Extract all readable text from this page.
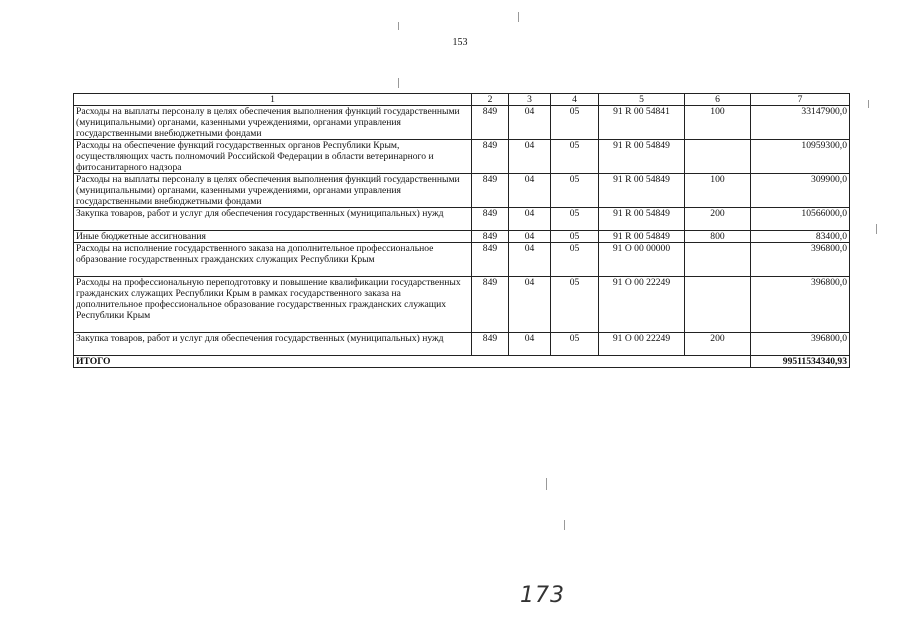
153
1	2	3	4	5	6	7
Расходы на выплаты персоналу в целях обеспечения выполнения функций государственными (муниципальными) органами, казенными учреждениями, органами управления государственными внебюджетными фондами	849	04	05	91 R 00 54841	100	33147900,0
Расходы на обеспечение функций государственных органов Республики Крым, осуществляющих часть полномочий Российской Федерации в области ветеринарного и фитосанитарного надзора	849	04	05	91 R 00 54849		10959300,0
Расходы на выплаты персоналу в целях обеспечения выполнения функций государственными (муниципальными) органами, казенными учреждениями, органами управления государственными внебюджетными фондами	849	04	05	91 R 00 54849	100	309900,0
Закупка товаров, работ и услуг для обеспечения государственных (муниципальных) нужд	849	04	05	91 R 00 54849	200	10566000,0
Иные бюджетные ассигнования	849	04	05	91 R 00 54849	800	83400,0
Расходы на исполнение государственного заказа на дополнительное профессиональное образование государственных гражданских служащих Республики Крым	849	04	05	91 O 00 00000		396800,0
Расходы на профессиональную переподготовку и повышение квалификации государственных гражданских служащих Республики Крым в рамках государственного заказа на дополнительное профессиональное образование государственных гражданских служащих Республики Крым	849	04	05	91 O 00 22249		396800,0
Закупка товаров, работ и услуг для обеспечения государственных (муниципальных) нужд	849	04	05	91 O 00 22249	200	396800,0
ИТОГО						99511534340,93
173
